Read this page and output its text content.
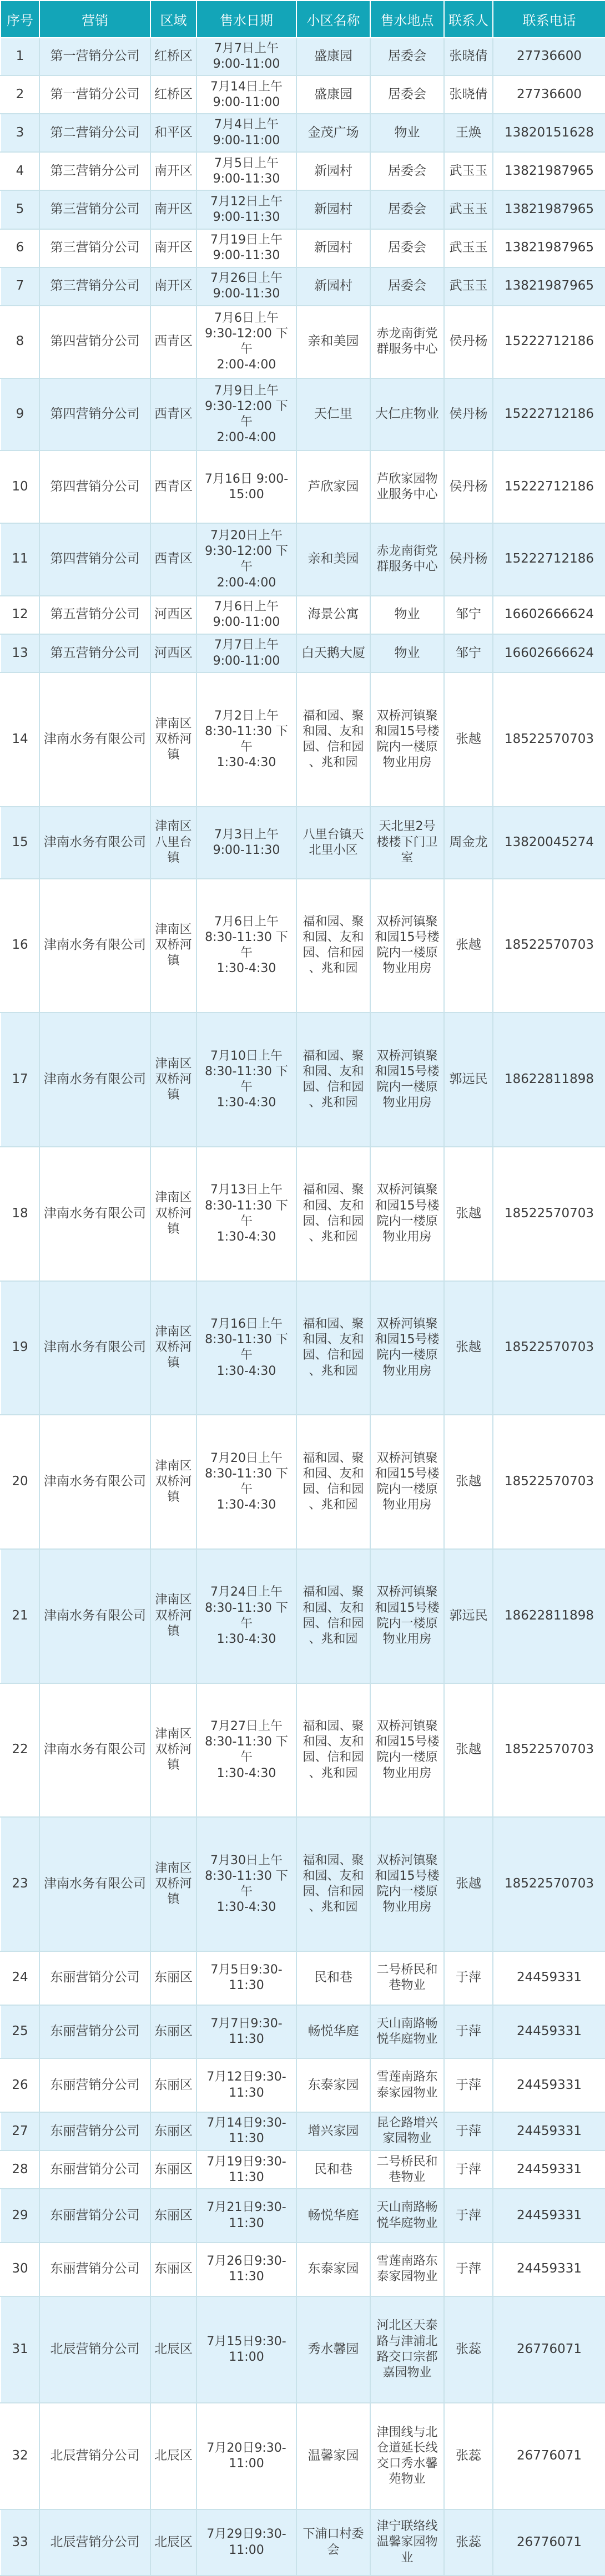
序号	营销	区域	售水日期	小区名称	售水地点	联系人	联系电话
1	第一营销分公司	红桥区	7月7日上午
9:00-11:00	盛康园	居委会	张晓倩	27736600
2	第一营销分公司	红桥区	7月14日上午
9:00-11:00	盛康园	居委会	张晓倩	27736600
3	第二营销分公司	和平区	7月4日上午
9:00-11:00	金茂广场	物业	王焕	13820151628
4	第三营销分公司	南开区	7月5日上午
9:00-11:30	新园村	居委会	武玉玉	13821987965
5	第三营销分公司	南开区	7月12日上午
9:00-11:30	新园村	居委会	武玉玉	13821987965
6	第三营销分公司	南开区	7月19日上午
9:00-11:30	新园村	居委会	武玉玉	13821987965
7	第三营销分公司	南开区	7月26日上午
9:00-11:30	新园村	居委会	武玉玉	13821987965
8	第四营销分公司	西青区	7月6日上午
9:30-12:00 下午
2:00-4:00	亲和美园	赤龙南街党
群服务中心	侯丹杨	15222712186
9	第四营销分公司	西青区	7月9日上午
9:30-12:00 下午
2:00-4:00	天仁里	大仁庄物业	侯丹杨	15222712186
10	第四营销分公司	西青区	7月16日 9:00-
15:00	芦欣家园	芦欣家园物
业服务中心	侯丹杨	15222712186
11	第四营销分公司	西青区	7月20日上午
9:30-12:00 下午
2:00-4:00	亲和美园	赤龙南街党
群服务中心	侯丹杨	15222712186
12	第五营销分公司	河西区	7月6日上午
9:00-11:00	海景公寓	物业	邹宁	16602666624
13	第五营销分公司	河西区	7月7日上午
9:00-11:00	白天鹅大厦	物业	邹宁	16602666624
14	津南水务有限公司	津南区
双桥河
镇	7月2日上午
8:30-11:30 下午
1:30-4:30	福和园、聚
和园、友和
园、信和园
、兆和园	双桥河镇聚
和园15号楼
院内一楼原
物业用房	张越	18522570703
15	津南水务有限公司	津南区
八里台
镇	7月3日上午
9:00-11:30	八里台镇天
北里小区	天北里2号
楼楼下门卫
室	周金龙	13820045274
16	津南水务有限公司	津南区
双桥河
镇	7月6日上午
8:30-11:30 下午
1:30-4:30	福和园、聚
和园、友和
园、信和园
、兆和园	双桥河镇聚
和园15号楼
院内一楼原
物业用房	张越	18522570703
17	津南水务有限公司	津南区
双桥河
镇	7月10日上午
8:30-11:30 下午
1:30-4:30	福和园、聚
和园、友和
园、信和园
、兆和园	双桥河镇聚
和园15号楼
院内一楼原
物业用房	郭远民	18622811898
18	津南水务有限公司	津南区
双桥河
镇	7月13日上午
8:30-11:30 下午
1:30-4:30	福和园、聚
和园、友和
园、信和园
、兆和园	双桥河镇聚
和园15号楼
院内一楼原
物业用房	张越	18522570703
19	津南水务有限公司	津南区
双桥河
镇	7月16日上午
8:30-11:30 下午
1:30-4:30	福和园、聚
和园、友和
园、信和园
、兆和园	双桥河镇聚
和园15号楼
院内一楼原
物业用房	张越	18522570703
20	津南水务有限公司	津南区
双桥河
镇	7月20日上午
8:30-11:30 下午
1:30-4:30	福和园、聚
和园、友和
园、信和园
、兆和园	双桥河镇聚
和园15号楼
院内一楼原
物业用房	张越	18522570703
21	津南水务有限公司	津南区
双桥河
镇	7月24日上午
8:30-11:30 下午
1:30-4:30	福和园、聚
和园、友和
园、信和园
、兆和园	双桥河镇聚
和园15号楼
院内一楼原
物业用房	郭远民	18622811898
22	津南水务有限公司	津南区
双桥河
镇	7月27日上午
8:30-11:30 下午
1:30-4:30	福和园、聚
和园、友和
园、信和园
、兆和园	双桥河镇聚
和园15号楼
院内一楼原
物业用房	张越	18522570703
23	津南水务有限公司	津南区
双桥河
镇	7月30日上午
8:30-11:30 下午
1:30-4:30	福和园、聚
和园、友和
园、信和园
、兆和园	双桥河镇聚
和园15号楼
院内一楼原
物业用房	张越	18522570703
24	东丽营销分公司	东丽区	7月5日9:30-
11:30	民和巷	二号桥民和
巷物业	于萍	24459331
25	东丽营销分公司	东丽区	7月7日9:30-
11:30	畅悦华庭	天山南路畅
悦华庭物业	于萍	24459331
26	东丽营销分公司	东丽区	7月12日9:30-
11:30	东泰家园	雪莲南路东
泰家园物业	于萍	24459331
27	东丽营销分公司	东丽区	7月14日9:30-
11:30	增兴家园	昆仑路增兴
家园物业	于萍	24459331
28	东丽营销分公司	东丽区	7月19日9:30-
11:30	民和巷	二号桥民和
巷物业	于萍	24459331
29	东丽营销分公司	东丽区	7月21日9:30-
11:30	畅悦华庭	天山南路畅
悦华庭物业	于萍	24459331
30	东丽营销分公司	东丽区	7月26日9:30-
11:30	东泰家园	雪莲南路东
泰家园物业	于萍	24459331
31	北辰营销分公司	北辰区	7月15日9:30-
11:00	秀水馨园	河北区天泰
路与津浦北
路交口宗都
嘉园物业	张蕊	26776071
32	北辰营销分公司	北辰区	7月20日9:30-
11:00	温馨家园	津围线与北
仓道延长线
交口秀水馨
苑物业	张蕊	26776071
33	北辰营销分公司	北辰区	7月29日9:30-
11:00	下浦口村委
会	津宁联络线
温馨家园物
业	张蕊	26776071
